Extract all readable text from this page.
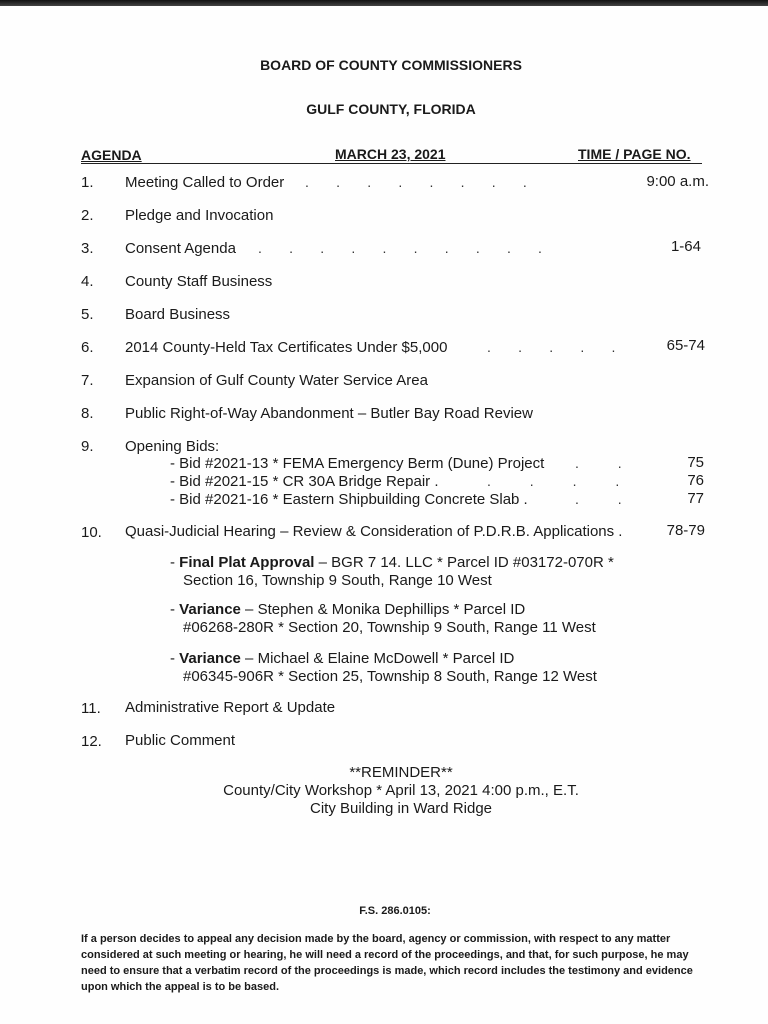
BOARD OF COUNTY COMMISSIONERS
GULF COUNTY, FLORIDA
AGENDA	MARCH 23, 2021	TIME / PAGE NO.
1. Meeting Called to Order .       .       .       .       .       .       .       .	9:00 a.m.
2. Pledge and Invocation
3. Consent Agenda .       .       .       .       .       .       .       .       .       .	1-64
4. County Staff Business
5. Board Business
6. 2014 County-Held Tax Certificates Under $5,000	.       .       .       .       .	65-74
7. Expansion of Gulf County Water Service Area
8. Public Right-of-Way Abandonment – Butler Bay Road Review
9. Opening Bids:
- Bid #2021-13 * FEMA Emergency Berm (Dune) Project .          .	75
- Bid #2021-15 * CR 30A Bridge Repair .	.          .          .          .	76
- Bid #2021-16 * Eastern Shipbuilding Concrete Slab .	.          .	77
10. Quasi-Judicial Hearing – Review & Consideration of P.D.R.B. Applications .	78-79
- Final Plat Approval – BGR 7 14. LLC * Parcel ID #03172-070R *
Section 16, Township 9 South, Range 10 West
- Variance – Stephen & Monika Dephillips * Parcel ID
#06268-280R * Section 20, Township 9 South, Range 11 West
- Variance – Michael & Elaine McDowell * Parcel ID
#06345-906R * Section 25, Township 8 South, Range 12 West
11. Administrative Report & Update
12. Public Comment
**REMINDER**
County/City Workshop * April 13, 2021 4:00 p.m., E.T.
City Building in Ward Ridge
F.S. 286.0105:
If a person decides to appeal any decision made by the board, agency or commission, with respect to any matter considered at such meeting or hearing, he will need a record of the proceedings, and that, for such purpose, he may need to ensure that a verbatim record of the proceedings is made, which record includes the testimony and evidence upon which the appeal is to be based.
